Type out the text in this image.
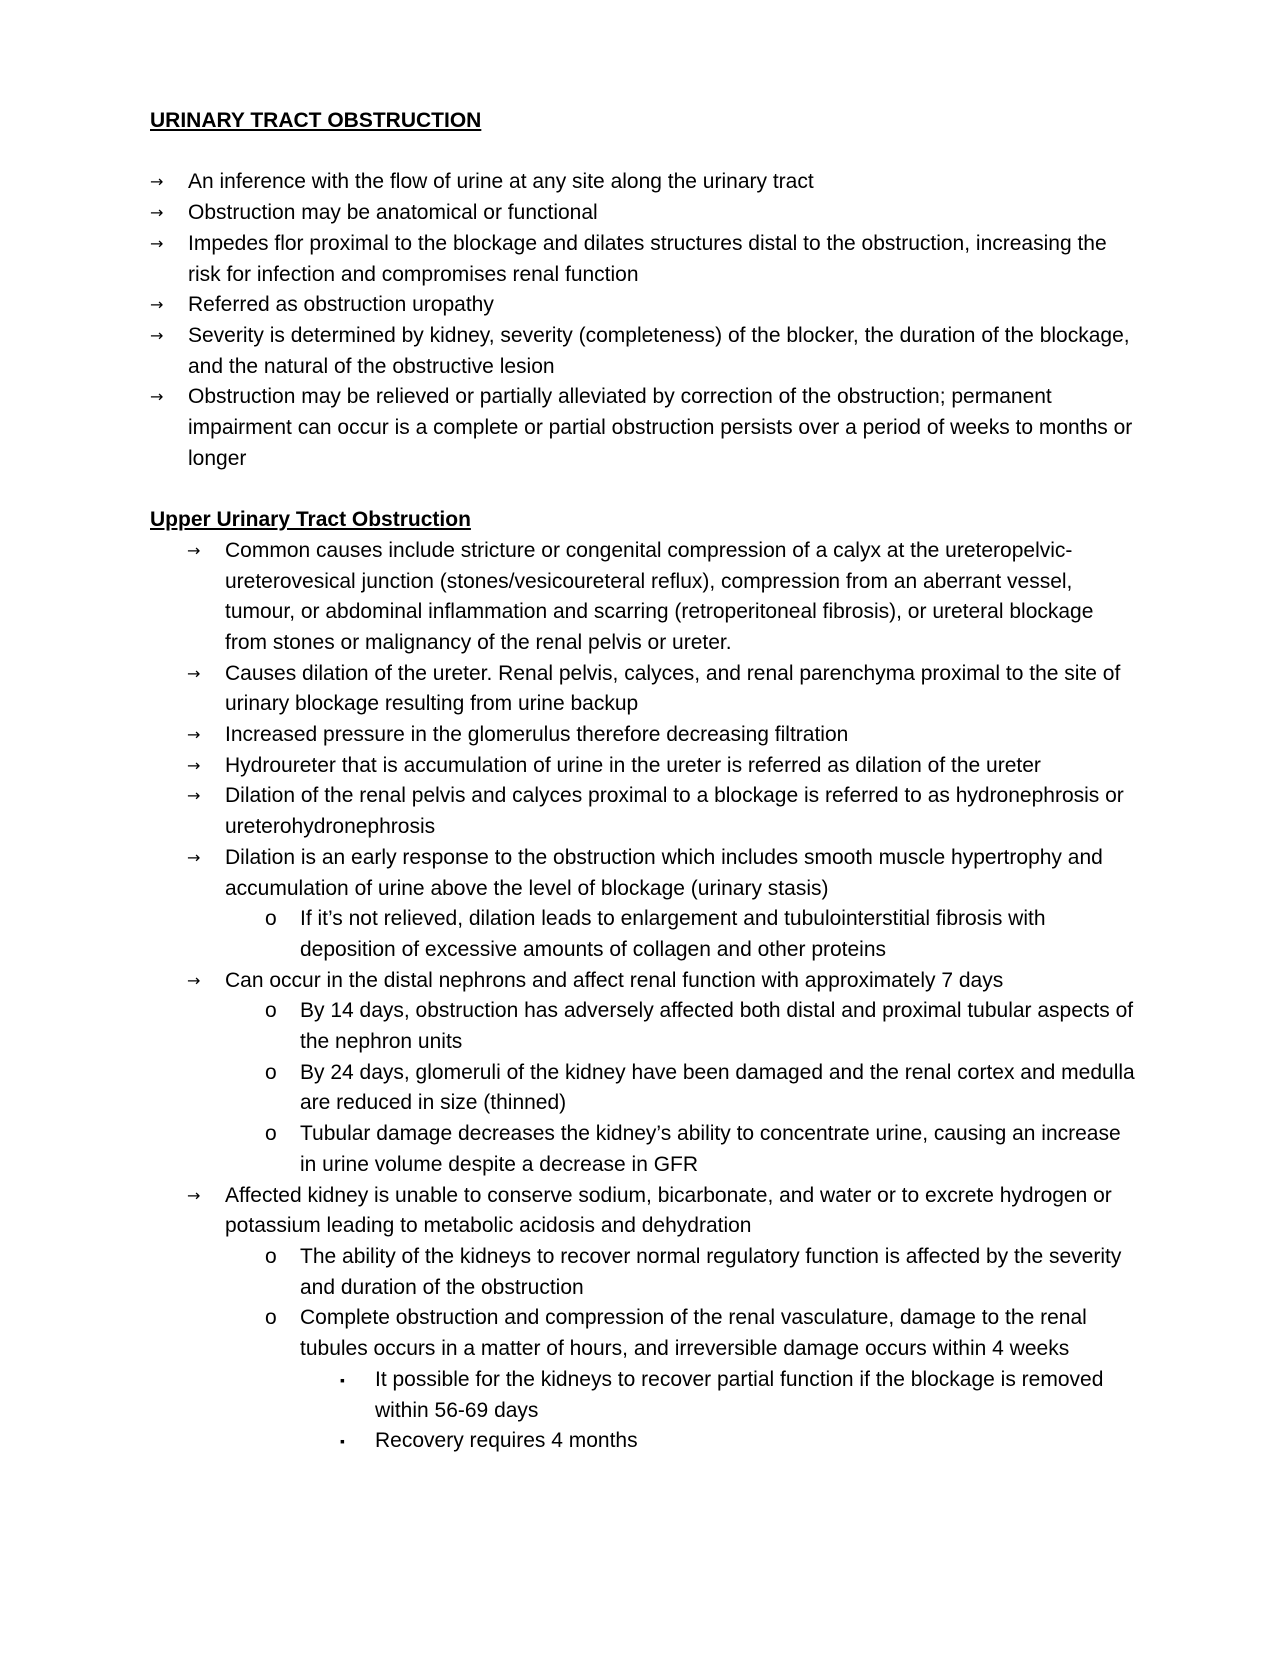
URINARY TRACT OBSTRUCTION

→	An inference with the flow of urine at any site along the urinary tract
→	Obstruction may be anatomical or functional
→	Impedes flor proximal to the blockage and dilates structures distal to the obstruction, increasing the risk for infection and compromises renal function
→	Referred as obstruction uropathy
→	Severity is determined by kidney, severity (completeness) of the blocker, the duration of the blockage, and the natural of the obstructive lesion
→	Obstruction may be relieved or partially alleviated by correction of the obstruction; permanent impairment can occur is a complete or partial obstruction persists over a period of weeks to months or longer

Upper Urinary Tract Obstruction

→	Common causes include stricture or congenital compression of a calyx at the ureteropelvic-ureterovesical junction (stones/vesicoureteral reflux), compression from an aberrant vessel, tumour, or abdominal inflammation and scarring (retroperitoneal fibrosis), or ureteral blockage from stones or malignancy of the renal pelvis or ureter.
→	Causes dilation of the ureter. Renal pelvis, calyces, and renal parenchyma proximal to the site of urinary blockage resulting from urine backup
→	Increased pressure in the glomerulus therefore decreasing filtration
→	Hydroureter that is accumulation of urine in the ureter is referred as dilation of the ureter
→	Dilation of the renal pelvis and calyces proximal to a blockage is referred to as hydronephrosis or ureterohydronephrosis
→	Dilation is an early response to the obstruction which includes smooth muscle hypertrophy and accumulation of urine above the level of blockage (urinary stasis)
o If it’s not relieved, dilation leads to enlargement and tubulointerstitial fibrosis with deposition of excessive amounts of collagen and other proteins
→	Can occur in the distal nephrons and affect renal function with approximately 7 days
o By 14 days, obstruction has adversely affected both distal and proximal tubular aspects of the nephron units
o By 24 days, glomeruli of the kidney have been damaged and the renal cortex and medulla are reduced in size (thinned)
o Tubular damage decreases the kidney’s ability to concentrate urine, causing an increase in urine volume despite a decrease in GFR
→	Affected kidney is unable to conserve sodium, bicarbonate, and water or to excrete hydrogen or potassium leading to metabolic acidosis and dehydration
o The ability of the kidneys to recover normal regulatory function is affected by the severity and duration of the obstruction
o Complete obstruction and compression of the renal vasculature, damage to the renal tubules occurs in a matter of hours, and irreversible damage occurs within 4 weeks
▪ It possible for the kidneys to recover partial function if the blockage is removed within 56-69 days
▪ Recovery requires 4 months
